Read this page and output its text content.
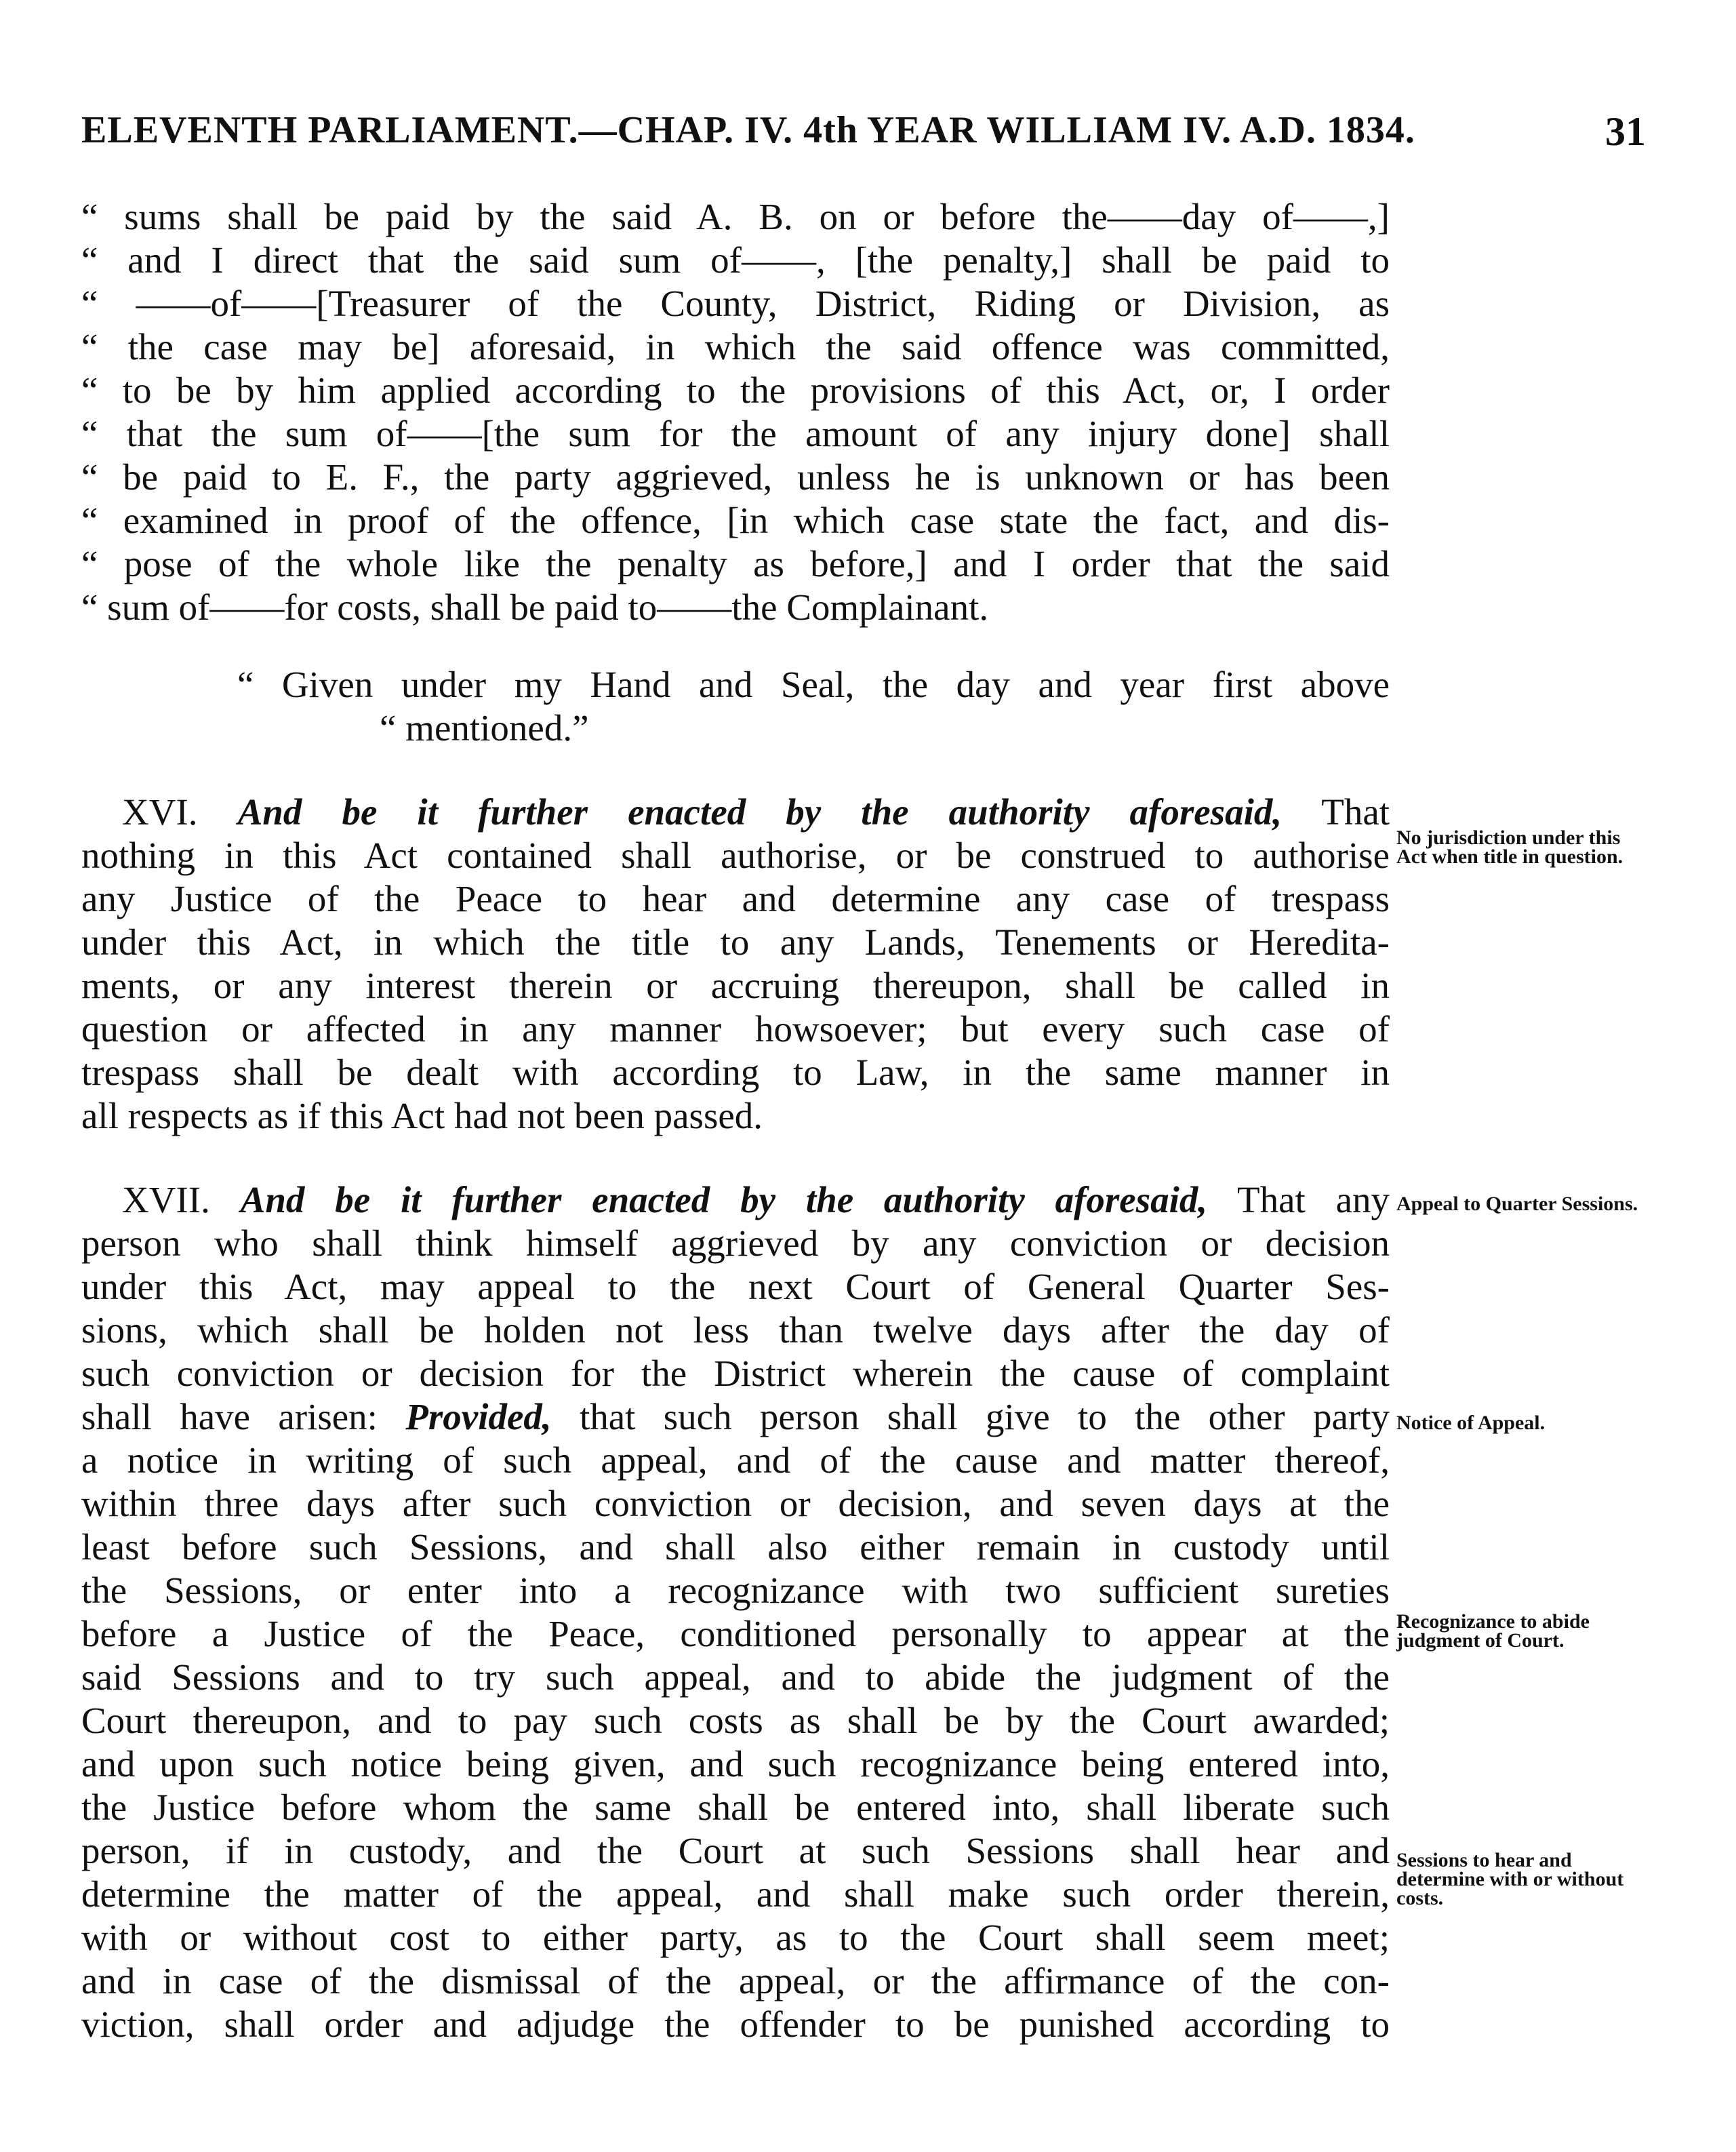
ELEVENTH PARLIAMENT.—CHAP. IV. 4th YEAR WILLIAM IV. A.D. 1834.	31
“ sums shall be paid by the said A. B. on or before the——day of——,]
“ and I direct that the said sum of——, [the penalty,] shall be paid to
“ ——of——[Treasurer of the County, District, Riding or Division, as
“ the case may be] aforesaid, in which the said offence was committed,
“ to be by him applied according to the provisions of this Act, or, I order
“ that the sum of——[the sum for the amount of any injury done] shall
“ be paid to E. F., the party aggrieved, unless he is unknown or has been
“ examined in proof of the offence, [in which case state the fact, and dis-
“ pose of the whole like the penalty as before,] and I order that the said
“ sum of——for costs, shall be paid to——the Complainant.
“ Given under my Hand and Seal, the day and year first above
“ mentioned.”
XVI. And be it further enacted by the authority aforesaid, That
nothing in this Act contained shall authorise, or be construed to authorise
any Justice of the Peace to hear and determine any case of trespass
under this Act, in which the title to any Lands, Tenements or Heredita-
ments, or any interest therein or accruing thereupon, shall be called in
question or affected in any manner howsoever; but every such case of
trespass shall be dealt with according to Law, in the same manner in
all respects as if this Act had not been passed.
XVII. And be it further enacted by the authority aforesaid, That any
person who shall think himself aggrieved by any conviction or decision
under this Act, may appeal to the next Court of General Quarter Ses-
sions, which shall be holden not less than twelve days after the day of
such conviction or decision for the District wherein the cause of complaint
shall have arisen: Provided, that such person shall give to the other party
a notice in writing of such appeal, and of the cause and matter thereof,
within three days after such conviction or decision, and seven days at the
least before such Sessions, and shall also either remain in custody until
the Sessions, or enter into a recognizance with two sufficient sureties
before a Justice of the Peace, conditioned personally to appear at the
said Sessions and to try such appeal, and to abide the judgment of the
Court thereupon, and to pay such costs as shall be by the Court awarded;
and upon such notice being given, and such recognizance being entered into,
the Justice before whom the same shall be entered into, shall liberate such
person, if in custody, and the Court at such Sessions shall hear and
determine the matter of the appeal, and shall make such order therein,
with or without cost to either party, as to the Court shall seem meet;
and in case of the dismissal of the appeal, or the affirmance of the con-
viction, shall order and adjudge the offender to be punished according to
No jurisdiction under this Act when title in question.
Appeal to Quarter Sessions.
Notice of Appeal.
Recognizance to abide judgment of Court.
Sessions to hear and determine with or without costs.
